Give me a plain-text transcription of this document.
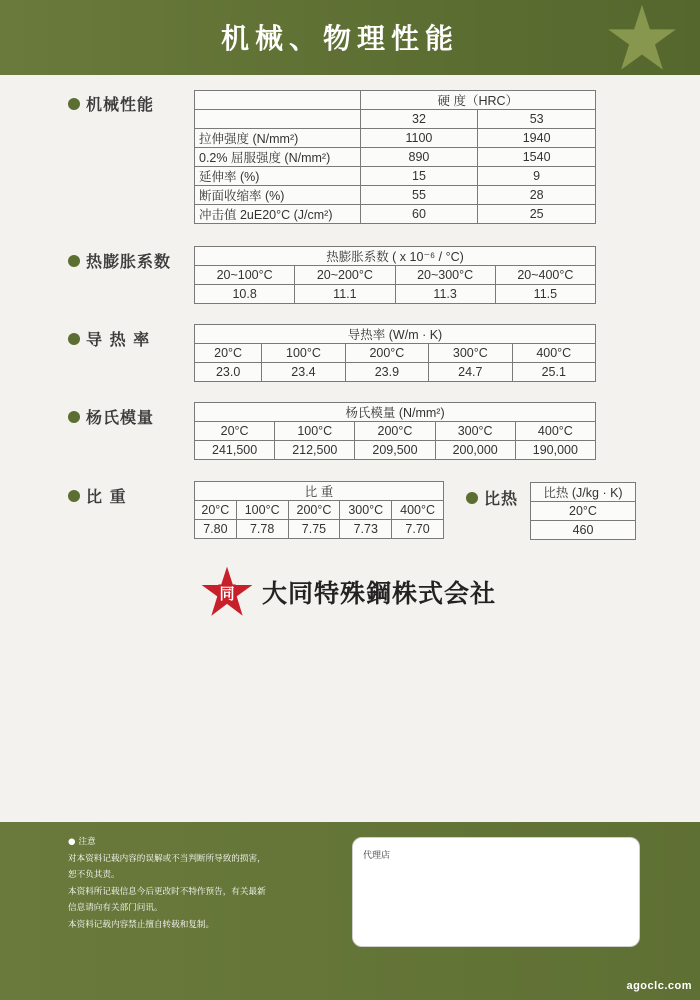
机械、物理性能
机械性能
		硬 度（HRC）	
	32	53
拉伸强度 (N/mm²)	1100	1940
0.2% 屈服强度 (N/mm²)	890	1540
延伸率 (%)	15	9
断面收缩率 (%)	55	28
冲击值 2uE20°C (J/cm²)	60	25
热膨胀系数	热膨胀系数 ( x 10⁻⁶ / °C)			
20~100°C	20~200°C	20~300°C	20~400°C
10.8	11.1	11.3	11.5
导 热 率	导热率 (W/m · K)				
20°C	100°C	200°C	300°C	400°C
23.0	23.4	23.9	24.7	25.1
杨氏模量	杨氏模量 (N/mm²)				
20°C	100°C	200°C	300°C	400°C
241,500	212,500	209,500	200,000	190,000
比 重	比 重				
20°C	100°C	200°C	300°C	400°C
7.80	7.78	7.75	7.73	7.70
比热 比热 (J/kg · K)
20°C
460
同 大同特殊鋼株式会社
● 注意
对本资料记载内容的误解或不当判断所导致的损害，
恕不负其责。
本资料所记载信息今后更改时不特作预告，有关最新
信息请向有关部门问讯。
本资料记载内容禁止擅自转载和复制。
代理店
agoclc.com
